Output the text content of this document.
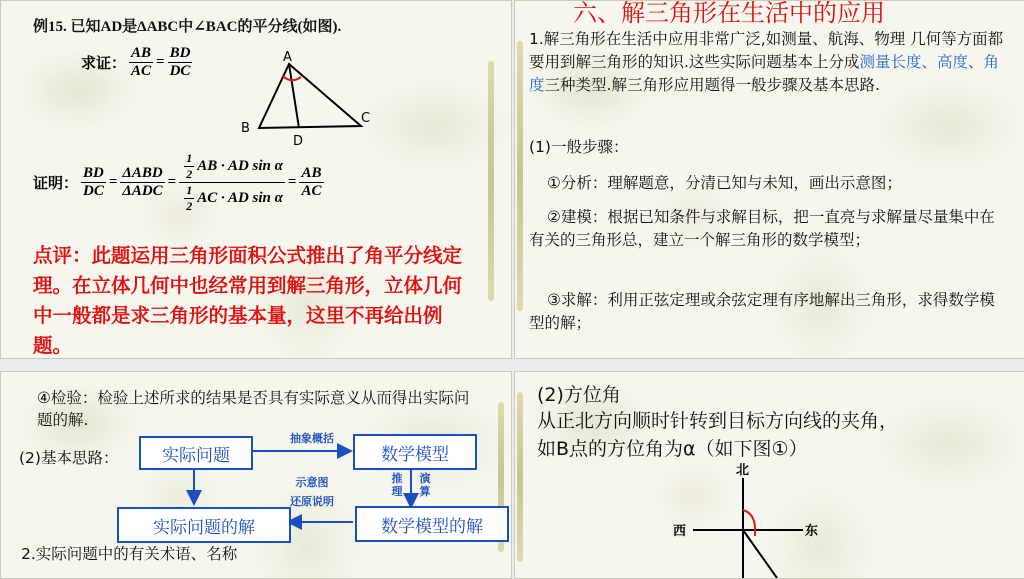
例15. 已知AD是ΔABC中∠BAC的平分线(如图).
求证： $\frac{AB}{AC} = \frac{BD}{DC}$	A
B
C
D
证明： $\frac{BD}{DC} = \frac{\text{ΔABD}}{\text{ΔADC}} = \frac{\frac{1}{2} AB \cdot AD \sin \alpha}{\frac{1}{2} AC \cdot AD \sin \alpha} = \frac{AB}{AC}$
点评：此题运用三角形面积公式推出了角平分线定理。在立体几何中也经常用到解三角形，立体几何中一般都是求三角形的基本量，这里不再给出例题。
六、解三角形在生活中的应用
1.解三角形在生活中应用非常广泛,如测量、航海、物理 几何等方面都要用到解三角形的知识.这些实际问题基本上分成测量长度、高度、角度三种类型.解三角形应用题得一般步骤及基本思路.
(1)一般步骤：
①分析：理解题意，分清已知与未知，画出示意图；
②建模：根据已知条件与求解目标，把一直亮与求解量尽量集中在有关的三角形总，建立一个解三角形的数学模型；
③求解：利用正弦定理或余弦定理有序地解出三角形，求得数学模型的解；
④检验：检验上述所求的结果是否具有实际意义从而得出实际问题的解.
(2)基本思路：	实际问题	数学模型
实际问题的解	数学模型的解
抽象概括
示意图
还原说明
推理
演算
2.实际问题中的有关术语、名称
(2)方位角
从正北方向顺时针转到目标方向线的夹角，
如B点的方位角为α（如下图①）
北
西	东
